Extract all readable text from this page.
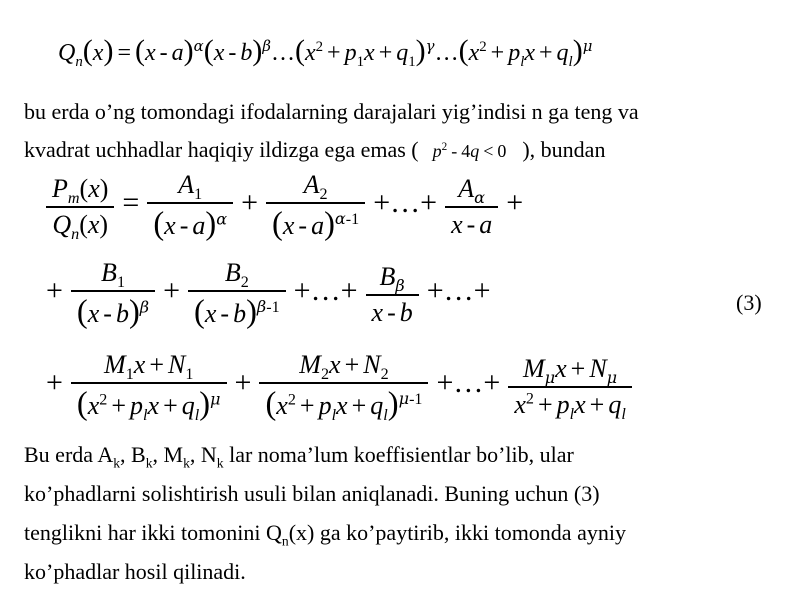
$Q_n(x) = (x - a)^\alpha(x$ - $b)^\beta\dots(x^2 + p_1x$ + $q_1)^\gamma\dots(x^2 + p_lx + q_l)^\mu$
bu erda o’ng tomondagi ifodalarning darajalari yig’indisi n ga teng va
kvadrat uchhadlar haqiqiy ildizga ega emas ( $p^2 - 4q < 0$ ), bundan
$\frac{P_m(x)}{Q_n(x)} = \frac{A_1}{(x - a)^\alpha} + \frac{A_2}{(x - a)^{\alpha-1}}$ +…+ $\frac{A_\alpha}{x - a}$ +
+ $\frac{B_1}{(x - b)^\beta} + \frac{B_2}{(x - b)^{\beta-1}}$ +…+ $\frac{B_\beta}{x - b}$ +…+	(3)
+ $\frac{M_1x + N_1}{(x^2 + p_lx + q_l)^\mu} + \frac{M_2x + N_2}{(x^2 + p_lx + q_l)^{\mu-1}}$ +…+ $\frac{M_\mu x + N_\mu}{x^2 + p_lx + q_l}$
Bu erda $A_k$, $B_k$, $M_k$, $N_k$ lar noma’lum koeffisientlar bo’lib, ular
ko’phadlarni solishtirish usuli bilan aniqlanadi. Buning uchun (3)
tenglikni har ikki tomonini $Q_n(x)$ ga ko’paytirib, ikki tomonda ayniy
ko’phadlar hosil qilinadi.
